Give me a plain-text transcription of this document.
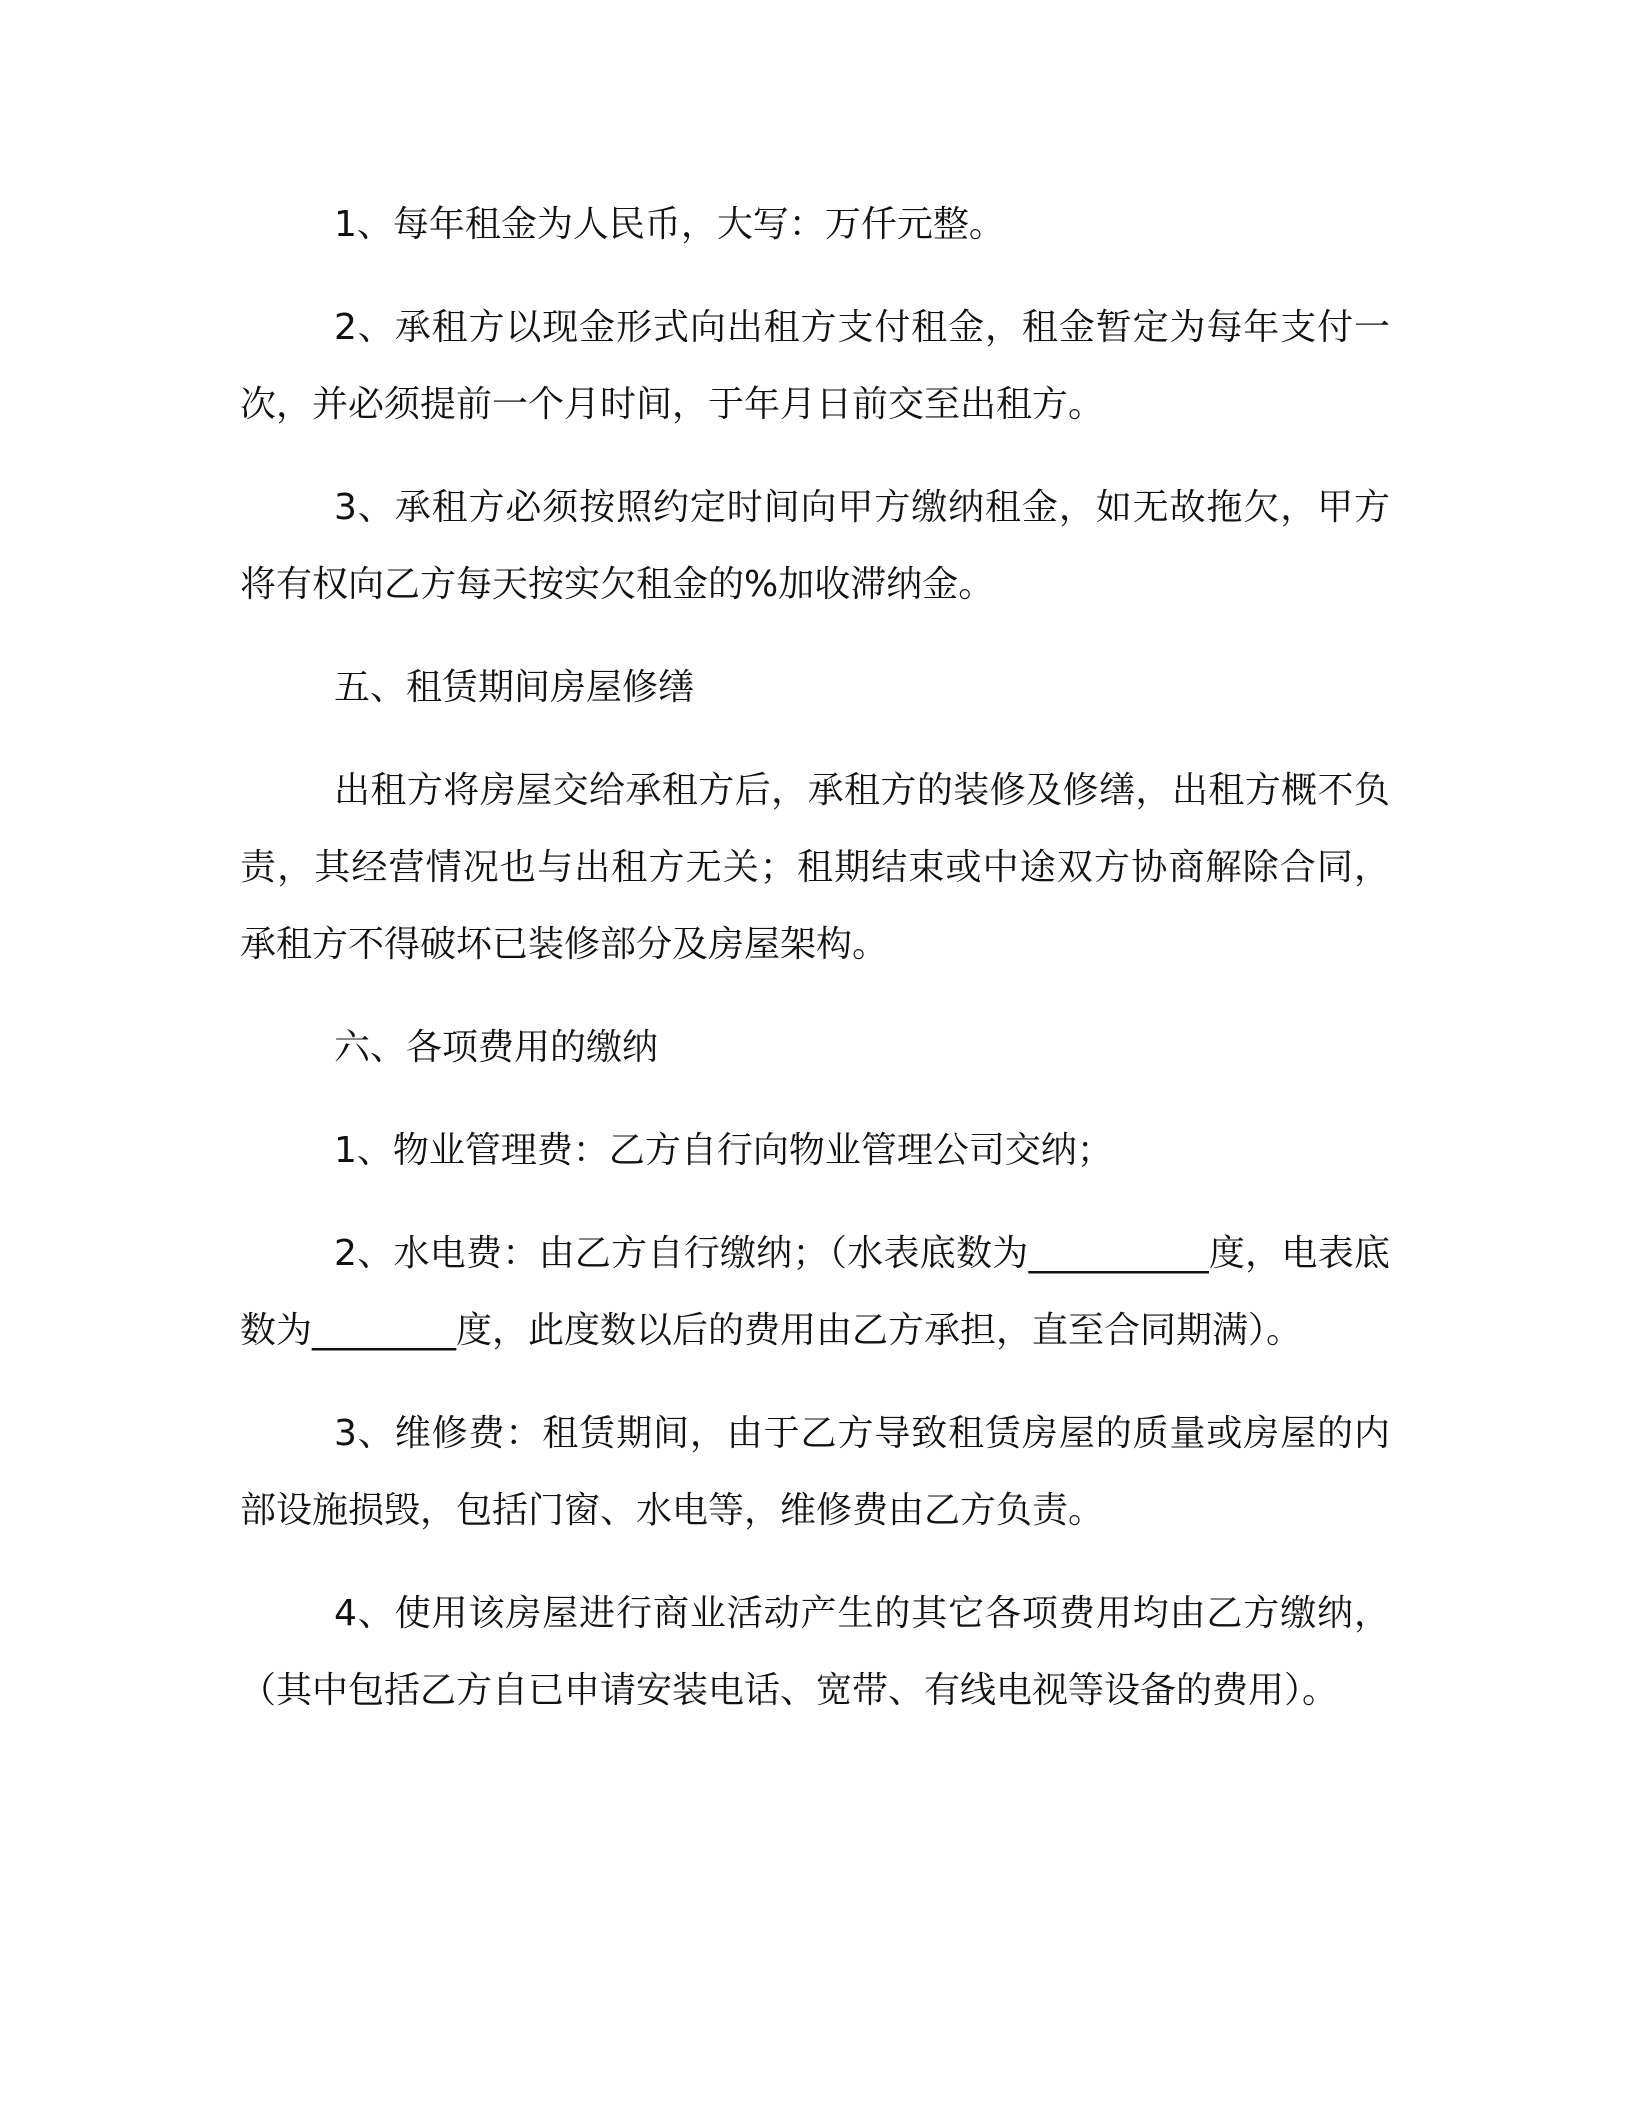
1、每年租金为人民币，大写：万仟元整。

2、承租方以现金形式向出租方支付租金，租金暂定为每年支付一次，并必须提前一个月时间，于年月日前交至出租方。

3、承租方必须按照约定时间向甲方缴纳租金，如无故拖欠，甲方将有权向乙方每天按实欠租金的%加收滞纳金。

五、租赁期间房屋修缮

出租方将房屋交给承租方后，承租方的装修及修缮，出租方概不负责，其经营情况也与出租方无关；租期结束或中途双方协商解除合同，承租方不得破坏已装修部分及房屋架构。

六、各项费用的缴纳

1、物业管理费：乙方自行向物业管理公司交纳；

2、水电费：由乙方自行缴纳；（水表底数为__________度，电表底数为________度，此度数以后的费用由乙方承担，直至合同期满）。

3、维修费：租赁期间，由于乙方导致租赁房屋的质量或房屋的内部设施损毁，包括门窗、水电等，维修费由乙方负责。

4、使用该房屋进行商业活动产生的其它各项费用均由乙方缴纳，（其中包括乙方自已申请安装电话、宽带、有线电视等设备的费用）。
